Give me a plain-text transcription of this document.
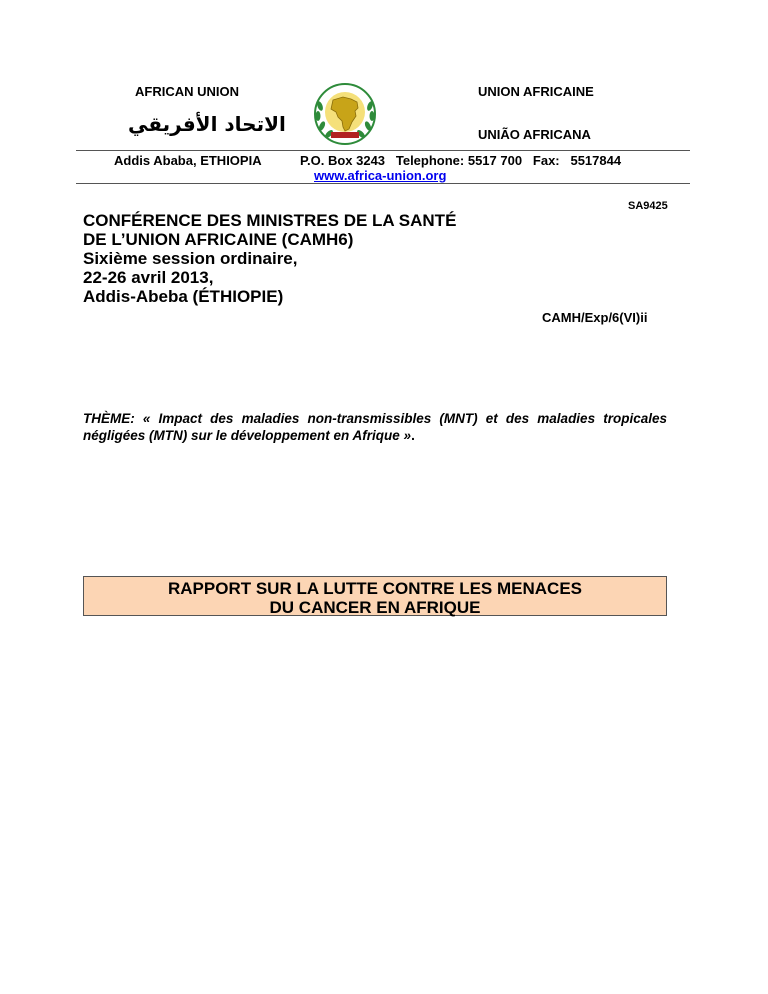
AFRICAN UNION	UNION AFRICAINE
الاتحاد الأفريقي	UNIÃO AFRICANA
Addis Ababa, ETHIOPIA	P.O. Box 3243   Telephone: 5517 700   Fax:   5517844
www.africa-union.org
SA9425
CONFÉRENCE DES MINISTRES DE LA SANTÉ
DE L’UNION AFRICAINE (CAMH6)
Sixième session ordinaire,
22-26 avril 2013,
Addis-Abeba (ÉTHIOPIE)
CAMH/Exp/6(VI)ii
THÈME: « Impact des maladies non-transmissibles (MNT) et des maladies tropicales négligées (MTN) sur le développement en Afrique ».
RAPPORT SUR LA LUTTE CONTRE LES MENACES
DU CANCER EN AFRIQUE
